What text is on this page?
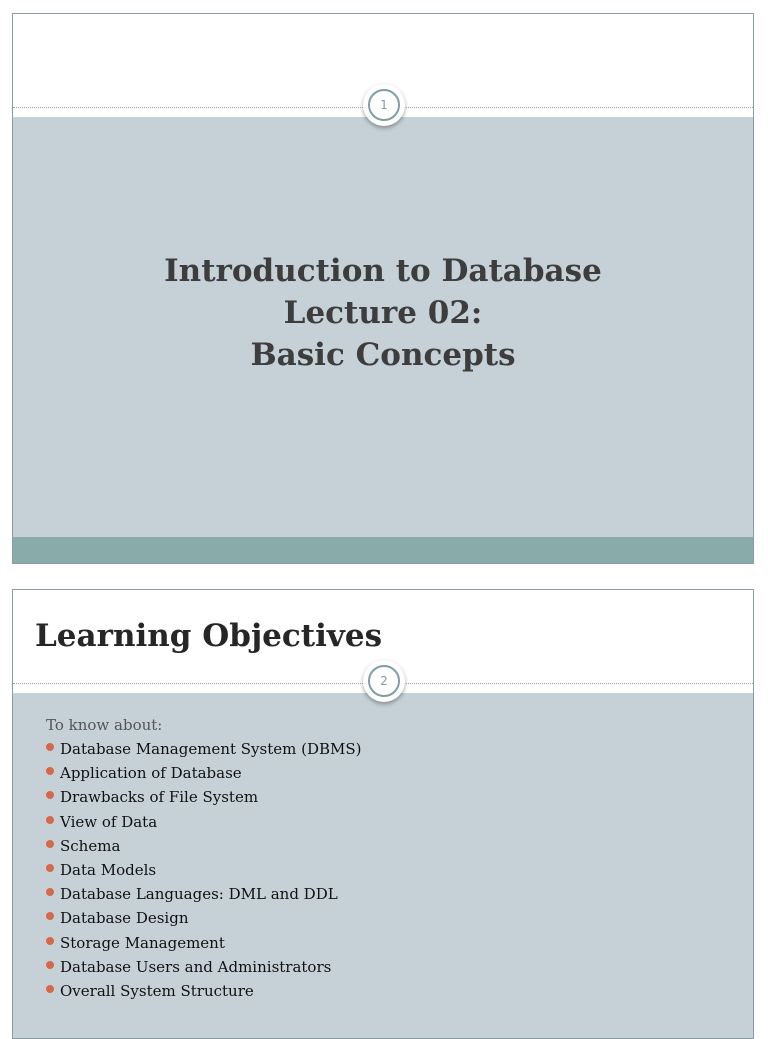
Introduction to Database
Lecture 02:
Basic Concepts
1
Learning Objectives
2
To know about:
Database Management System (DBMS)
Application of Database
Drawbacks of File System
View of Data
Schema
Data Models
Database Languages: DML and DDL
Database Design
Storage Management
Database Users and Administrators
Overall System Structure
